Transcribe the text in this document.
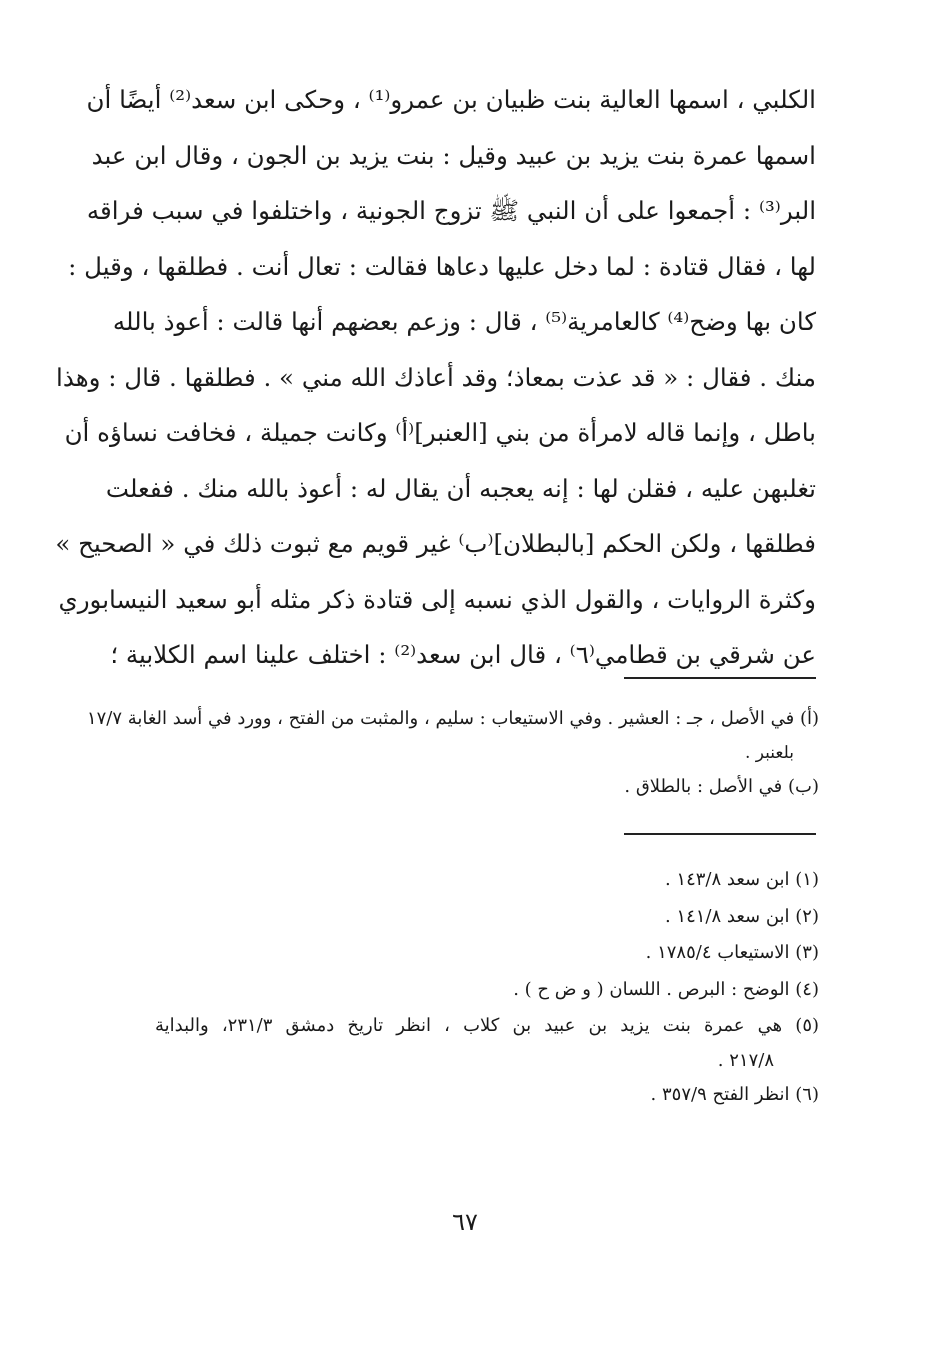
الكلبي ، اسمها العالية بنت ظبيان بن عمرو⁽¹⁾ ، وحكى ابن سعد⁽²⁾ أيضًا أن
اسمها عمرة بنت يزيد بن عبيد وقيل : بنت يزيد بن الجون ، وقال ابن عبد
البر⁽³⁾ : أجمعوا على أن النبي ﷺ تزوج الجونية ، واختلفوا في سبب فراقه
لها ، فقال قتادة : لما دخل عليها دعاها فقالت : تعال أنت . فطلقها ، وقيل :
كان بها وضح⁽⁴⁾ كالعامرية⁽⁵⁾ ، قال : وزعم بعضهم أنها قالت : أعوذ بالله
منك . فقال : « قد عذت بمعاذ؛ وقد أعاذك الله مني » . فطلقها . قال : وهذا
باطل ، وإنما قاله لامرأة من بني [العنبر]⁽أ⁾ وكانت جميلة ، فخافت نساؤه أن
تغلبهن عليه ، فقلن لها : إنه يعجبه أن يقال له : أعوذ بالله منك . ففعلت
فطلقها ، ولكن الحكم [بالبطلان]⁽ب⁾ غير قويم مع ثبوت ذلك في « الصحيح »
وكثرة الروايات ، والقول الذي نسبه إلى قتادة ذكر مثله أبو سعيد النيسابوري
عن شرقي بن قطامي⁽٦⁾ ، قال ابن سعد⁽²⁾ : اختلف علينا اسم الكلابية ؛
(أ) في الأصل ، جـ : العشير . وفي الاستيعاب : سليم ، والمثبت من الفتح ، وورد في أسد الغابة ١٧/٧
بلعنبر .
(ب) في الأصل : بالطلاق .
(١) ابن سعد ١٤٣/٨ .
(٢) ابن سعد ١٤١/٨ .
(٣) الاستيعاب ١٧٨٥/٤ .
(٤) الوضح : البرص . اللسان ( و ض ح ) .
(٥) هي عمرة بنت يزيد بن عبيد بن كلاب ، انظر تاريخ دمشق ٢٣١/٣، والبداية
٢١٧/٨ .
(٦) انظر الفتح ٣٥٧/٩ .
٦٧
